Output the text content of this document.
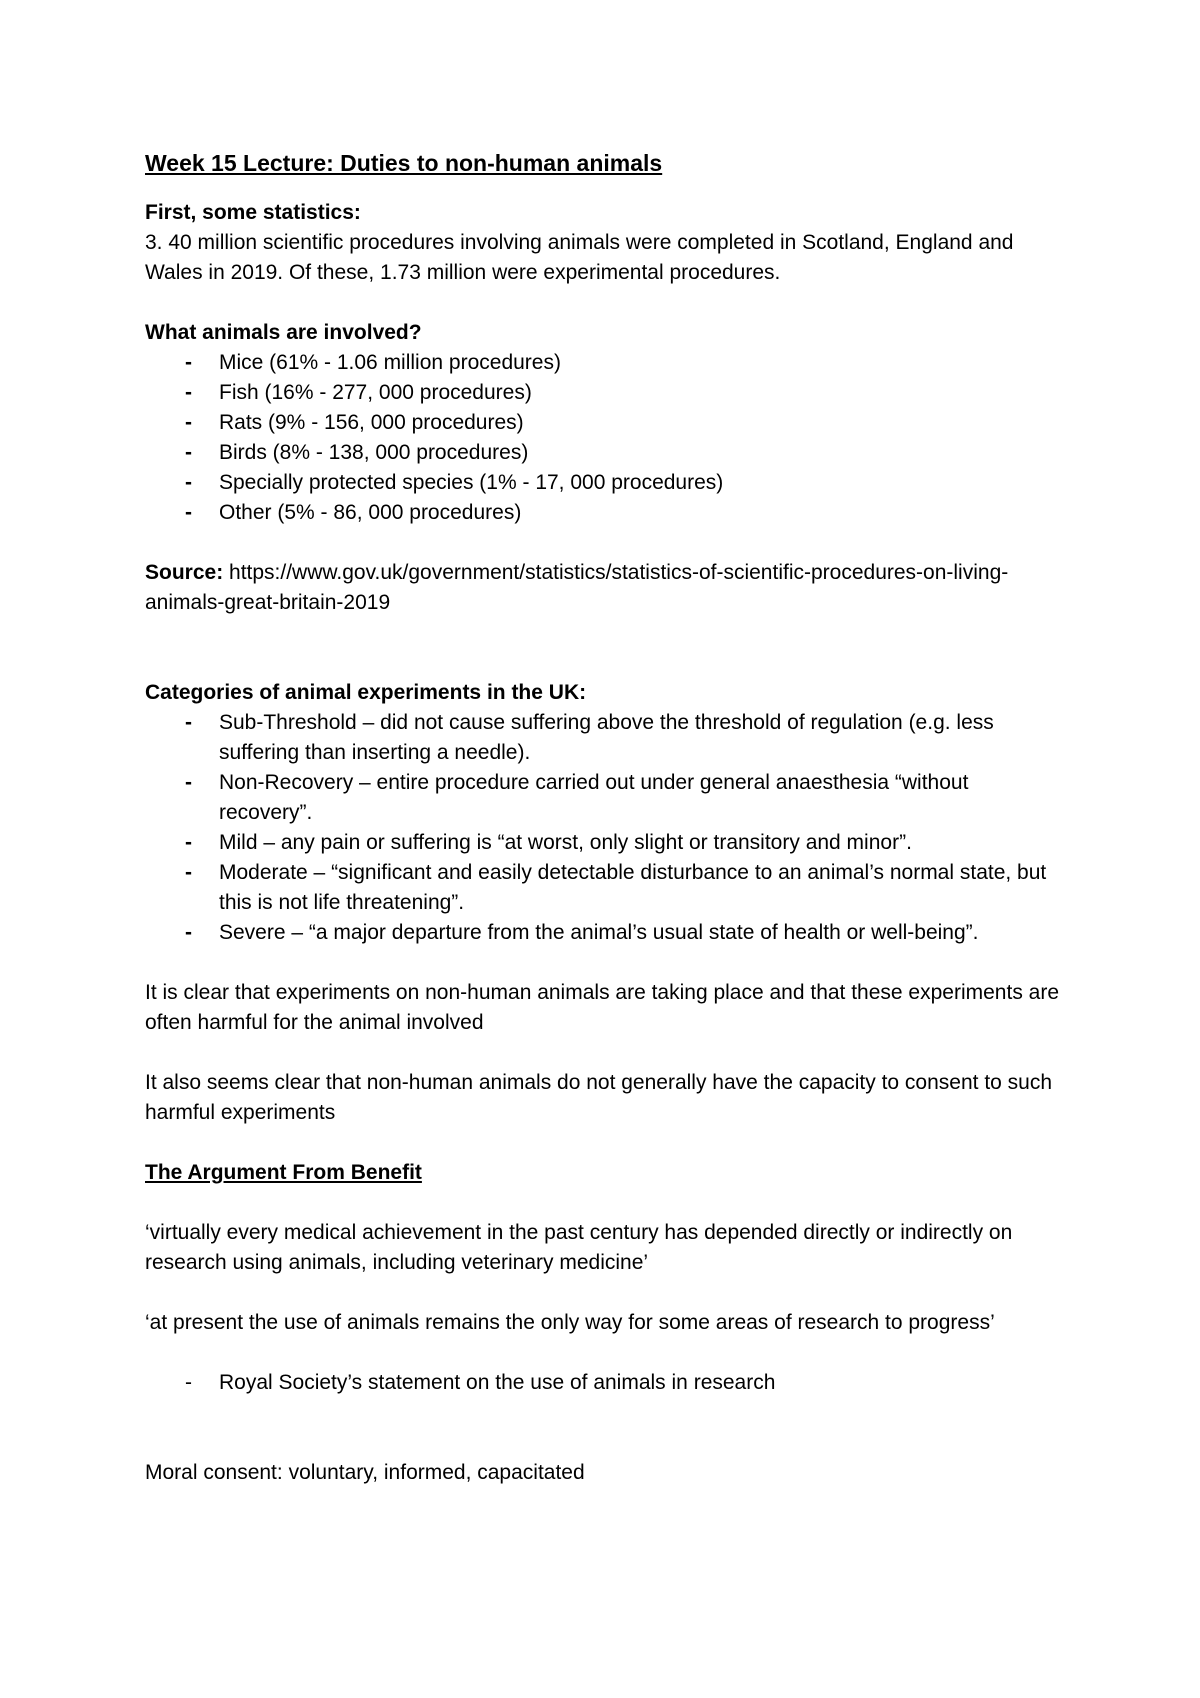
Week 15 Lecture: Duties to non-human animals

First, some statistics:

3. 40 million scientific procedures involving animals were completed in Scotland, England and Wales in 2019. Of these, 1.73 million were experimental procedures.

What animals are involved?

- Mice (61% - 1.06 million procedures)
- Fish (16% - 277, 000 procedures)
- Rats (9% - 156, 000 procedures)
- Birds (8% - 138, 000 procedures)
- Specially protected species (1% - 17, 000 procedures)
- Other (5% - 86, 000 procedures)

Source: https://www.gov.uk/government/statistics/statistics-of-scientific-procedures-on-living-animals-great-britain-2019

Categories of animal experiments in the UK:

- Sub-Threshold – did not cause suffering above the threshold of regulation (e.g. less suffering than inserting a needle).
- Non-Recovery – entire procedure carried out under general anaesthesia “without recovery”.
- Mild – any pain or suffering is “at worst, only slight or transitory and minor”.
- Moderate – “significant and easily detectable disturbance to an animal’s normal state, but this is not life threatening”.
- Severe – “a major departure from the animal’s usual state of health or well-being”.

It is clear that experiments on non-human animals are taking place and that these experiments are often harmful for the animal involved

It also seems clear that non-human animals do not generally have the capacity to consent to such harmful experiments

The Argument From Benefit

‘virtually every medical achievement in the past century has depended directly or indirectly on research using animals, including veterinary medicine’

‘at present the use of animals remains the only way for some areas of research to progress’

- Royal Society’s statement on the use of animals in research

Moral consent: voluntary, informed, capacitated
